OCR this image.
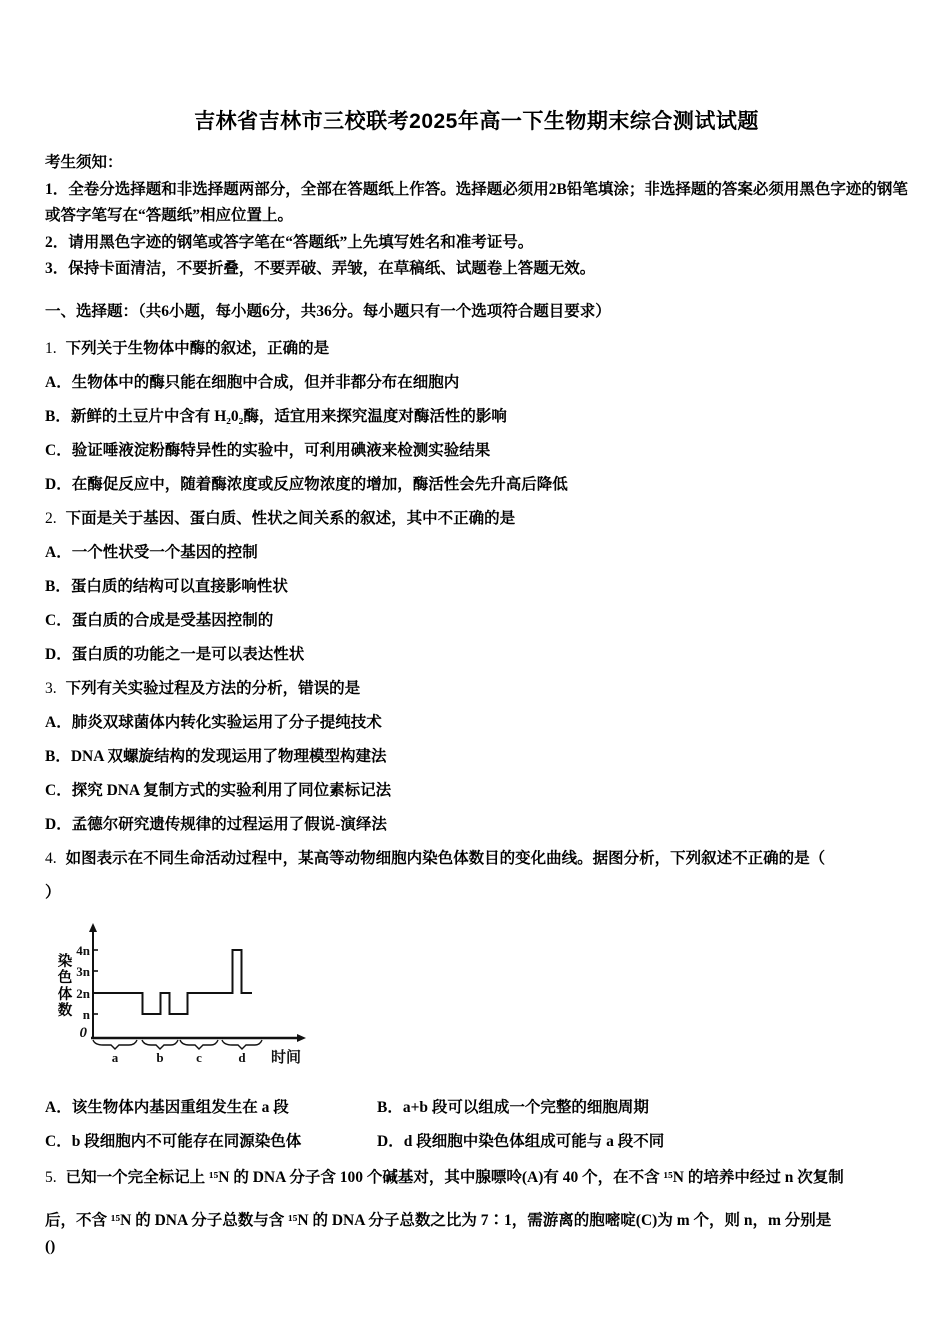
吉林省吉林市三校联考2025年高一下生物期末综合测试试题
考生须知：
1．全卷分选择题和非选择题两部分，全部在答题纸上作答。选择题必须用2B铅笔填涂；非选择题的答案必须用黑色字迹的钢笔或答字笔写在“答题纸”相应位置上。
2．请用黑色字迹的钢笔或答字笔在“答题纸”上先填写姓名和准考证号。
3．保持卡面清洁，不要折叠，不要弄破、弄皱，在草稿纸、试题卷上答题无效。
一、选择题：（共6小题，每小题6分，共36分。每小题只有一个选项符合题目要求）
1. 下列关于生物体中酶的叙述，正确的是
A．生物体中的酶只能在细胞中合成，但并非都分布在细胞内
B．新鲜的土豆片中含有 H₂0₂酶，适宜用来探究温度对酶活性的影响
C．验证唾液淀粉酶特异性的实验中，可利用碘液来检测实验结果
D．在酶促反应中，随着酶浓度或反应物浓度的增加，酶活性会先升高后降低
2. 下面是关于基因、蛋白质、性状之间关系的叙述，其中不正确的是
A．一个性状受一个基因的控制
B．蛋白质的结构可以直接影响性状
C．蛋白质的合成是受基因控制的
D．蛋白质的功能之一是可以表达性状
3. 下列有关实验过程及方法的分析，错误的是
A．肺炎双球菌体内转化实验运用了分子提纯技术
B．DNA 双螺旋结构的发现运用了物理模型构建法
C．探究 DNA 复制方式的实验利用了同位素标记法
D．孟德尔研究遗传规律的过程运用了假说-演绎法
4. 如图表示在不同生命活动过程中，某高等动物细胞内染色体数目的变化曲线。据图分析，下列叙述不正确的是（
）
染色体数
4n
3n
2n
n
0
a	b c	d 时间
A．该生物体内基因重组发生在 a 段	B．a+b 段可以组成一个完整的细胞周期
C．b 段细胞内不可能存在同源染色体	D．d 段细胞中染色体组成可能与 a 段不同
5. 已知一个完全标记上 ¹⁵N 的 DNA 分子含 100 个碱基对，其中腺嘌呤(A)有 40 个，在不含 ¹⁵N 的培养中经过 n 次复制
后，不含 ¹⁵N 的 DNA 分子总数与含 ¹⁵N 的 DNA 分子总数之比为 7∶1，需游离的胞嘧啶(C)为 m 个，则 n，m 分别是
()
